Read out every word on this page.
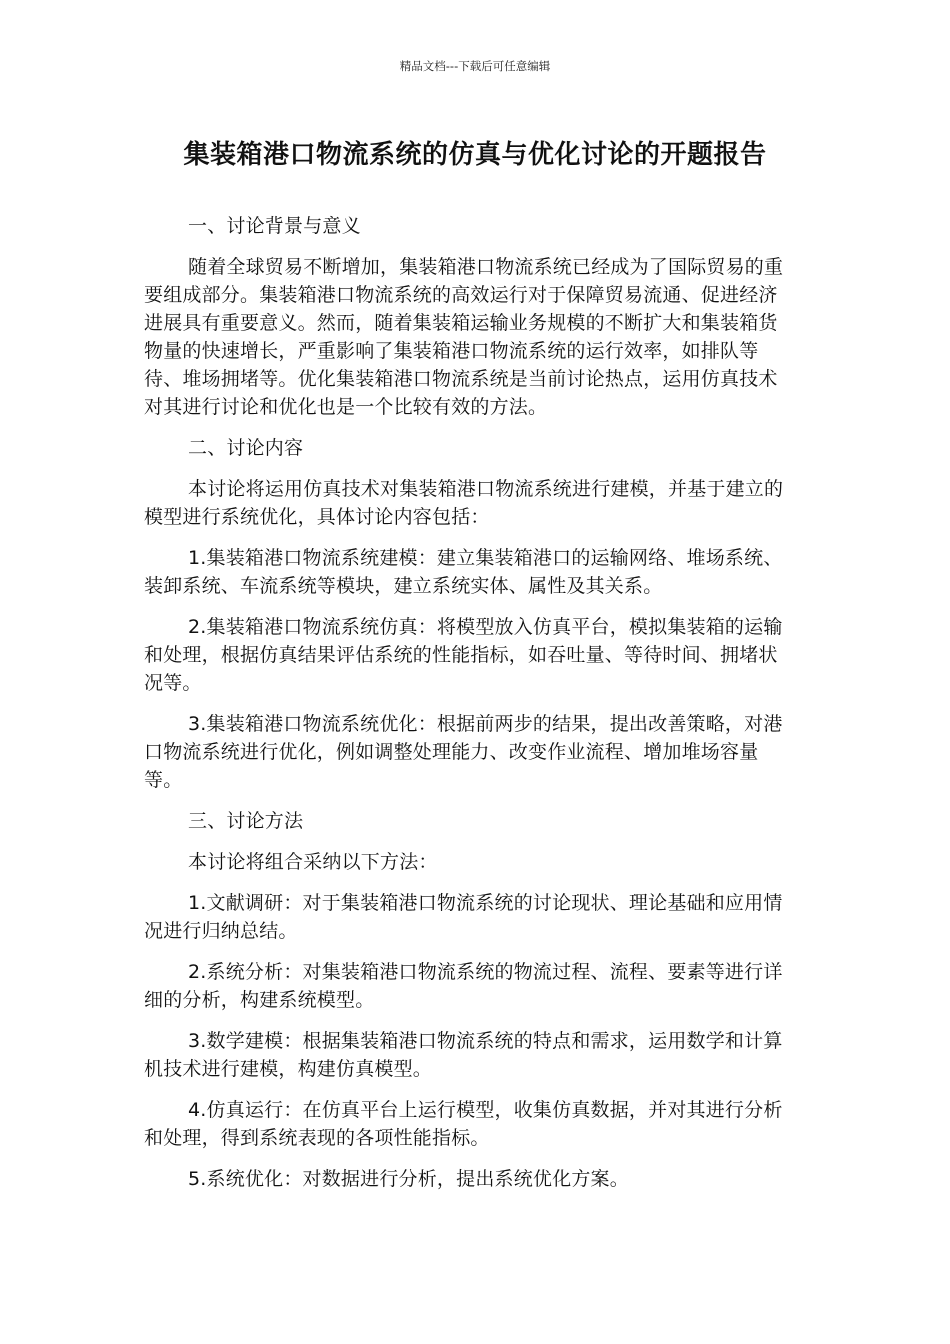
精品文档---下载后可任意编辑
集装箱港口物流系统的仿真与优化讨论的开题报告

一、讨论背景与意义

随着全球贸易不断增加，集装箱港口物流系统已经成为了国际贸易的重要组成部分。集装箱港口物流系统的高效运行对于保障贸易流通、促进经济进展具有重要意义。然而，随着集装箱运输业务规模的不断扩大和集装箱货物量的快速增长，严重影响了集装箱港口物流系统的运行效率，如排队等待、堆场拥堵等。优化集装箱港口物流系统是当前讨论热点，运用仿真技术对其进行讨论和优化也是一个比较有效的方法。

二、讨论内容

本讨论将运用仿真技术对集装箱港口物流系统进行建模，并基于建立的模型进行系统优化，具体讨论内容包括：

1.集装箱港口物流系统建模：建立集装箱港口的运输网络、堆场系统、装卸系统、车流系统等模块，建立系统实体、属性及其关系。

2.集装箱港口物流系统仿真：将模型放入仿真平台，模拟集装箱的运输和处理，根据仿真结果评估系统的性能指标，如吞吐量、等待时间、拥堵状况等。

3.集装箱港口物流系统优化：根据前两步的结果，提出改善策略，对港口物流系统进行优化，例如调整处理能力、改变作业流程、增加堆场容量等。

三、讨论方法

本讨论将组合采纳以下方法：

1.文献调研：对于集装箱港口物流系统的讨论现状、理论基础和应用情况进行归纳总结。

2.系统分析：对集装箱港口物流系统的物流过程、流程、要素等进行详细的分析，构建系统模型。

3.数学建模：根据集装箱港口物流系统的特点和需求，运用数学和计算机技术进行建模，构建仿真模型。

4.仿真运行：在仿真平台上运行模型，收集仿真数据，并对其进行分析和处理，得到系统表现的各项性能指标。

5.系统优化：对数据进行分析，提出系统优化方案。
